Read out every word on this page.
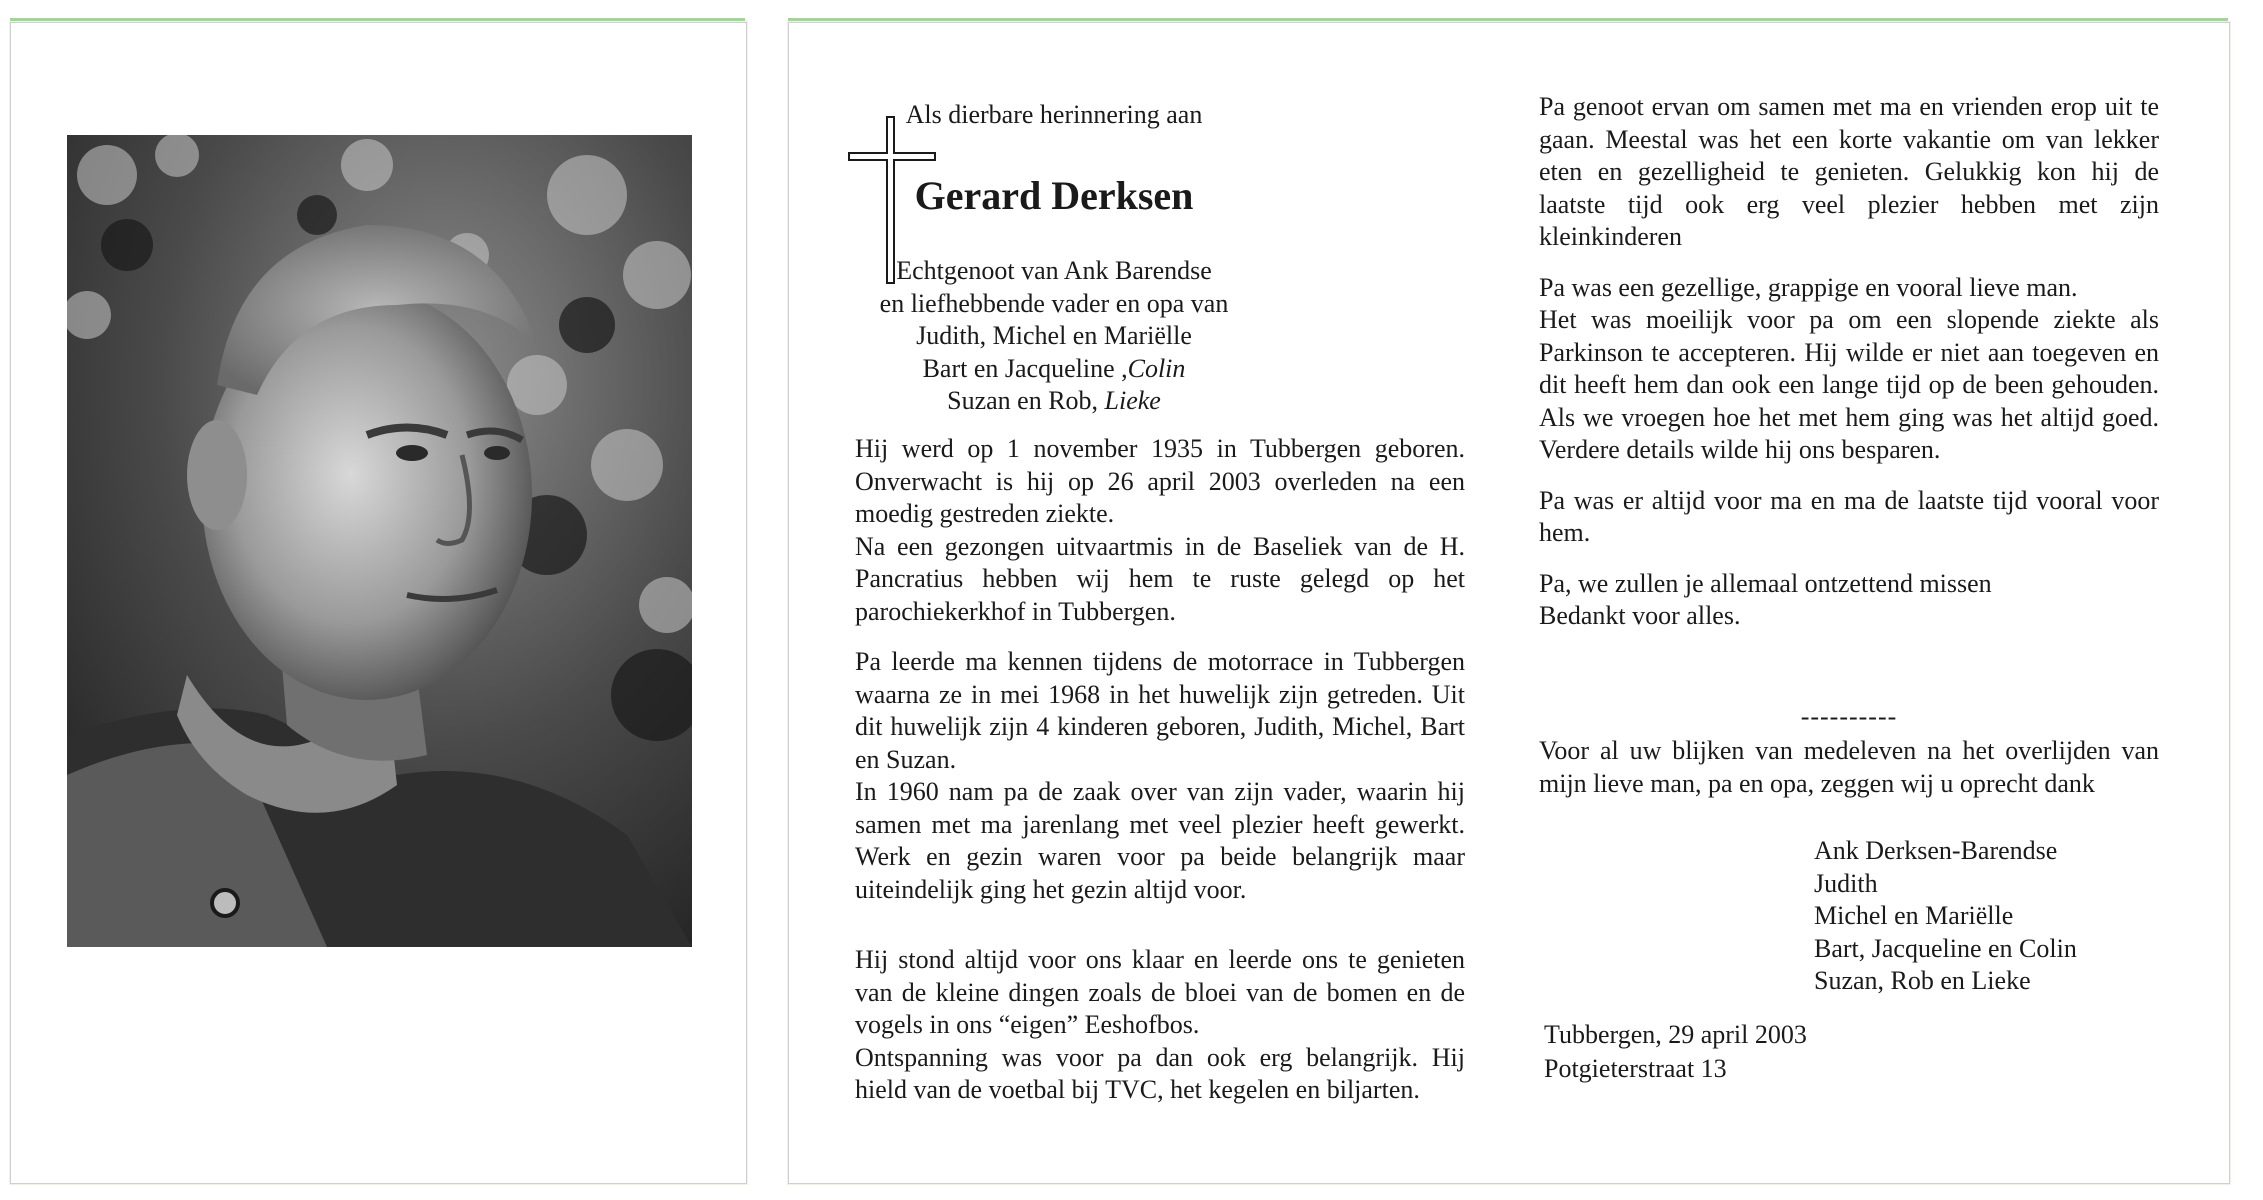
Als dierbare herinnering aan
Gerard Derksen
Echtgenoot van Ank Barendse
en liefhebbende vader en opa van
Judith, Michel en Mariëlle
Bart en Jacqueline ,Colin
Suzan en Rob, Lieke

Hij werd op 1 november 1935 in Tubbergen geboren. Onverwacht is hij op 26 april 2003 overleden na een moedig gestreden ziekte.

Na een gezongen uitvaartmis in de Baseliek van de H. Pancratius hebben wij hem te ruste gelegd op het parochiekerkhof in Tubbergen.

Pa leerde ma kennen tijdens de motorrace in Tubbergen waarna ze in mei 1968 in het huwelijk zijn getreden. Uit dit huwelijk zijn 4 kinderen geboren, Judith, Michel, Bart en Suzan.

In 1960 nam pa de zaak over van zijn vader, waarin hij samen met ma jarenlang met veel plezier heeft gewerkt. Werk en gezin waren voor pa beide belangrijk maar uiteindelijk ging het gezin altijd voor.

Hij stond altijd voor ons klaar en leerde ons te genieten van de kleine dingen zoals de bloei van de bomen en de vogels in ons “eigen” Eeshofbos.

Ontspanning was voor pa dan ook erg belangrijk. Hij hield van de voetbal bij TVC, het kegelen en biljarten.

Pa genoot ervan om samen met ma en vrienden erop uit te gaan. Meestal was het een korte vakantie om van lekker eten en gezelligheid te genieten. Gelukkig kon hij de laatste tijd ook erg veel plezier hebben met zijn kleinkinderen

Pa was een gezellige, grappige en vooral lieve man.

Het was moeilijk voor pa om een slopende ziekte als Parkinson te accepteren. Hij wilde er niet aan toegeven en dit heeft hem dan ook een lange tijd op de been gehouden. Als we vroegen hoe het met hem ging was het altijd goed. Verdere details wilde hij ons besparen.

Pa was er altijd voor ma en ma de laatste tijd vooral voor hem.

Pa, we zullen je allemaal ontzettend missen

Bedankt voor alles.

----------
Voor al uw blijken van medeleven na het overlijden van mijn lieve man, pa en opa, zeggen wij u oprecht dank
Ank Derksen-Barendse
Judith
Michel en Mariëlle
Bart, Jacqueline en Colin
Suzan, Rob en Lieke
Tubbergen, 29 april 2003
Potgieterstraat 13
